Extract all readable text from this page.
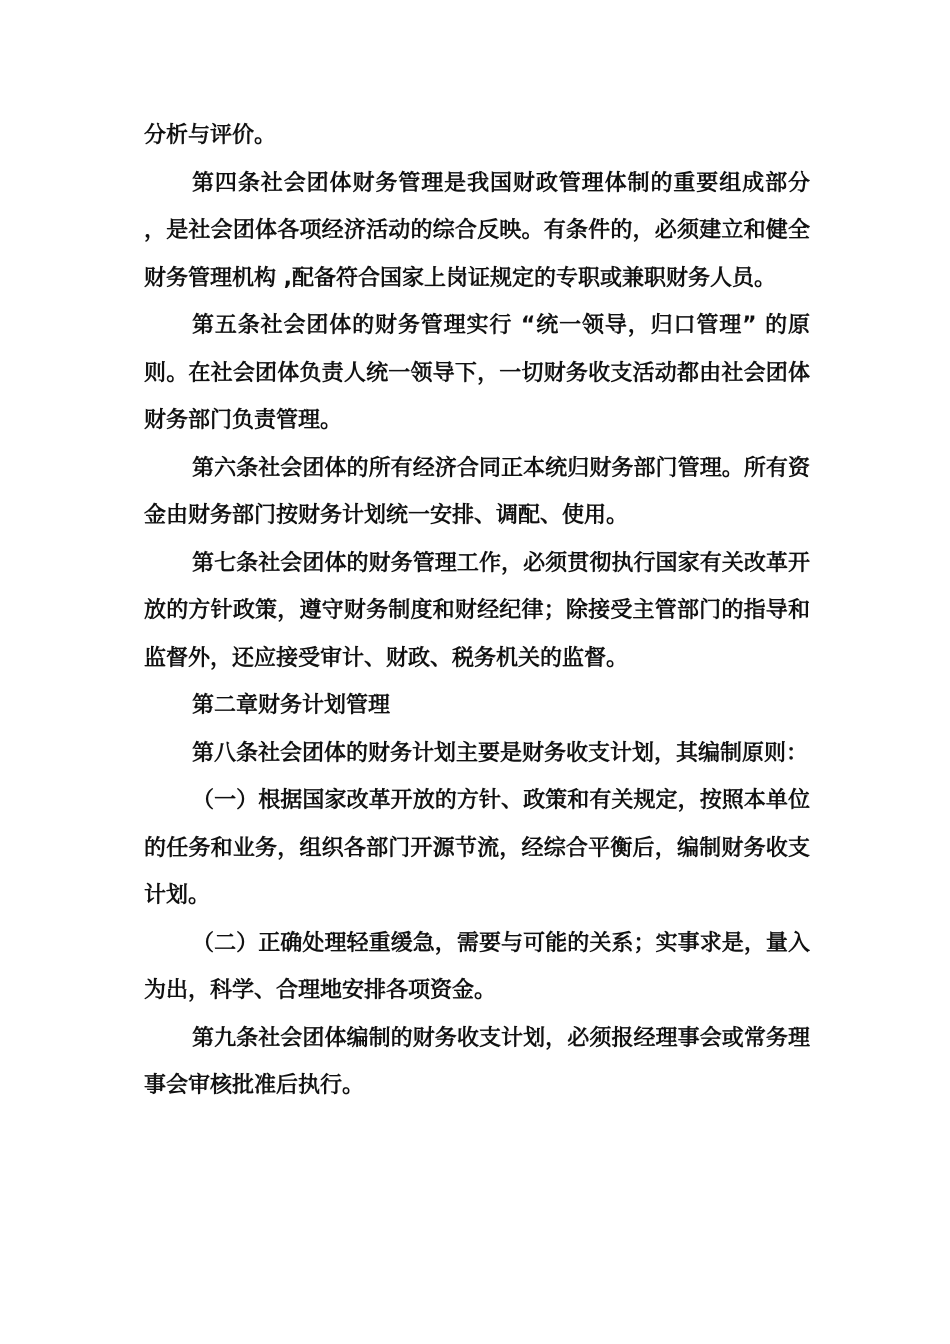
分析与评价。

第四条社会团体财务管理是我国财政管理体制的重要组成部分 ，是社会团体各项经济活动的综合反映。有条件的，必须建立和健全财务管理机构 ,配备符合国家上岗证规定的专职或兼职财务人员。

第五条社会团体的财务管理实行 “统一领导，归口管理” 的原则。在社会团体负责人统一领导下，一切财务收支活动都由社会团体财务部门负责管理。

第六条社会团体的所有经济合同正本统归财务部门管理。所有资金由财务部门按财务计划统一安排、调配、使用。

第七条社会团体的财务管理工作，必须贯彻执行国家有关改革开放的方针政策，遵守财务制度和财经纪律；除接受主管部门的指导和监督外，还应接受审计、财政、税务机关的监督。

第二章财务计划管理

第八条社会团体的财务计划主要是财务收支计划，其编制原则：

（一）根据国家改革开放的方针、政策和有关规定，按照本单位的任务和业务，组织各部门开源节流，经综合平衡后，编制财务收支计划。

（二）正确处理轻重缓急，需要与可能的关系；实事求是，量入为出，科学、合理地安排各项资金。

第九条社会团体编制的财务收支计划，必须报经理事会或常务理事会审核批准后执行。
